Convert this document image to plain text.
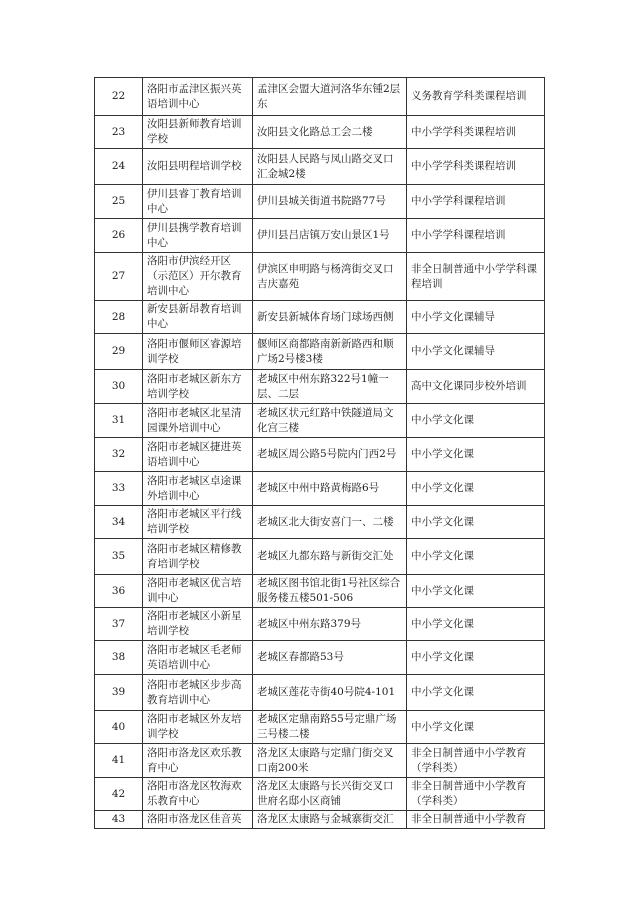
22	洛阳市孟津区振兴英语培训中心	孟津区会盟大道河洛华东锺2层东	义务教育学科类课程培训
23	汝阳县新师教育培训学校	汝阳县文化路总工会二楼	中小学学科类课程培训
24	汝阳县明程培训学校	汝阳县人民路与凤山路交叉口汇金城2楼	中小学学科类课程培训
25	伊川县睿丁教育培训中心	伊川县城关街道书院路77号	中小学学科课程培训
26	伊川县携学教育培训中心	伊川县吕店镇万安山景区1号	中小学学科课程培训
27	洛阳市伊滨经开区（示范区）开尔教育培训中心	伊滨区申明路与杨湾街交叉口吉庆嘉苑	非全日制普通中小学学科课程培训
28	新安县新昂教育培训中心	新安县新城体育场门球场西侧	中小学文化课辅导
29	洛阳市偃师区睿源培训学校	偃师区商都路南新新路西和顺广场2号楼3楼	中小学文化课辅导
30	洛阳市老城区新东方培训学校	老城区中州东路322号1幢一层、二层	高中文化课同步校外培训
31	洛阳市老城区北星清园课外培训中心	老城区状元红路中铁隧道局文化宫三楼	中小学文化课
32	洛阳市老城区捷进英语培训中心	老城区周公路5号院内门西2号	中小学文化课
33	洛阳市老城区卓途课外培训中心	老城区中州中路黄梅路6号	中小学文化课
34	洛阳市老城区平行线培训学校	老城区北大街安喜门一、二楼	中小学文化课
35	洛阳市老城区精修教育培训学校	老城区九都东路与新街交汇处	中小学文化课
36	洛阳市老城区优言培训中心	老城区图书馆北街1号社区综合服务楼五楼501-506	中小学文化课
37	洛阳市老城区小新星培训学校	老城区中州东路379号	中小学文化课
38	洛阳市老城区毛老师英语培训中心	老城区春都路53号	中小学文化课
39	洛阳市老城区步步高教育培训中心	老城区莲花寺街40号院4-101	中小学文化课
40	洛阳市老城区外友培训学校	老城区定鼎南路55号定鼎广场三号楼二楼	中小学文化课
41	洛阳市洛龙区欢乐教育中心	洛龙区太康路与定鼎门街交叉口南200米	非全日制普通中小学教育（学科类）
42	洛阳市洛龙区牧海欢乐教育中心	洛龙区太康路与长兴街交叉口世府名邸小区商铺	非全日制普通中小学教育（学科类）
43	洛阳市洛龙区佳音英	洛龙区太康路与金城寨街交汇	非全日制普通中小学教育
